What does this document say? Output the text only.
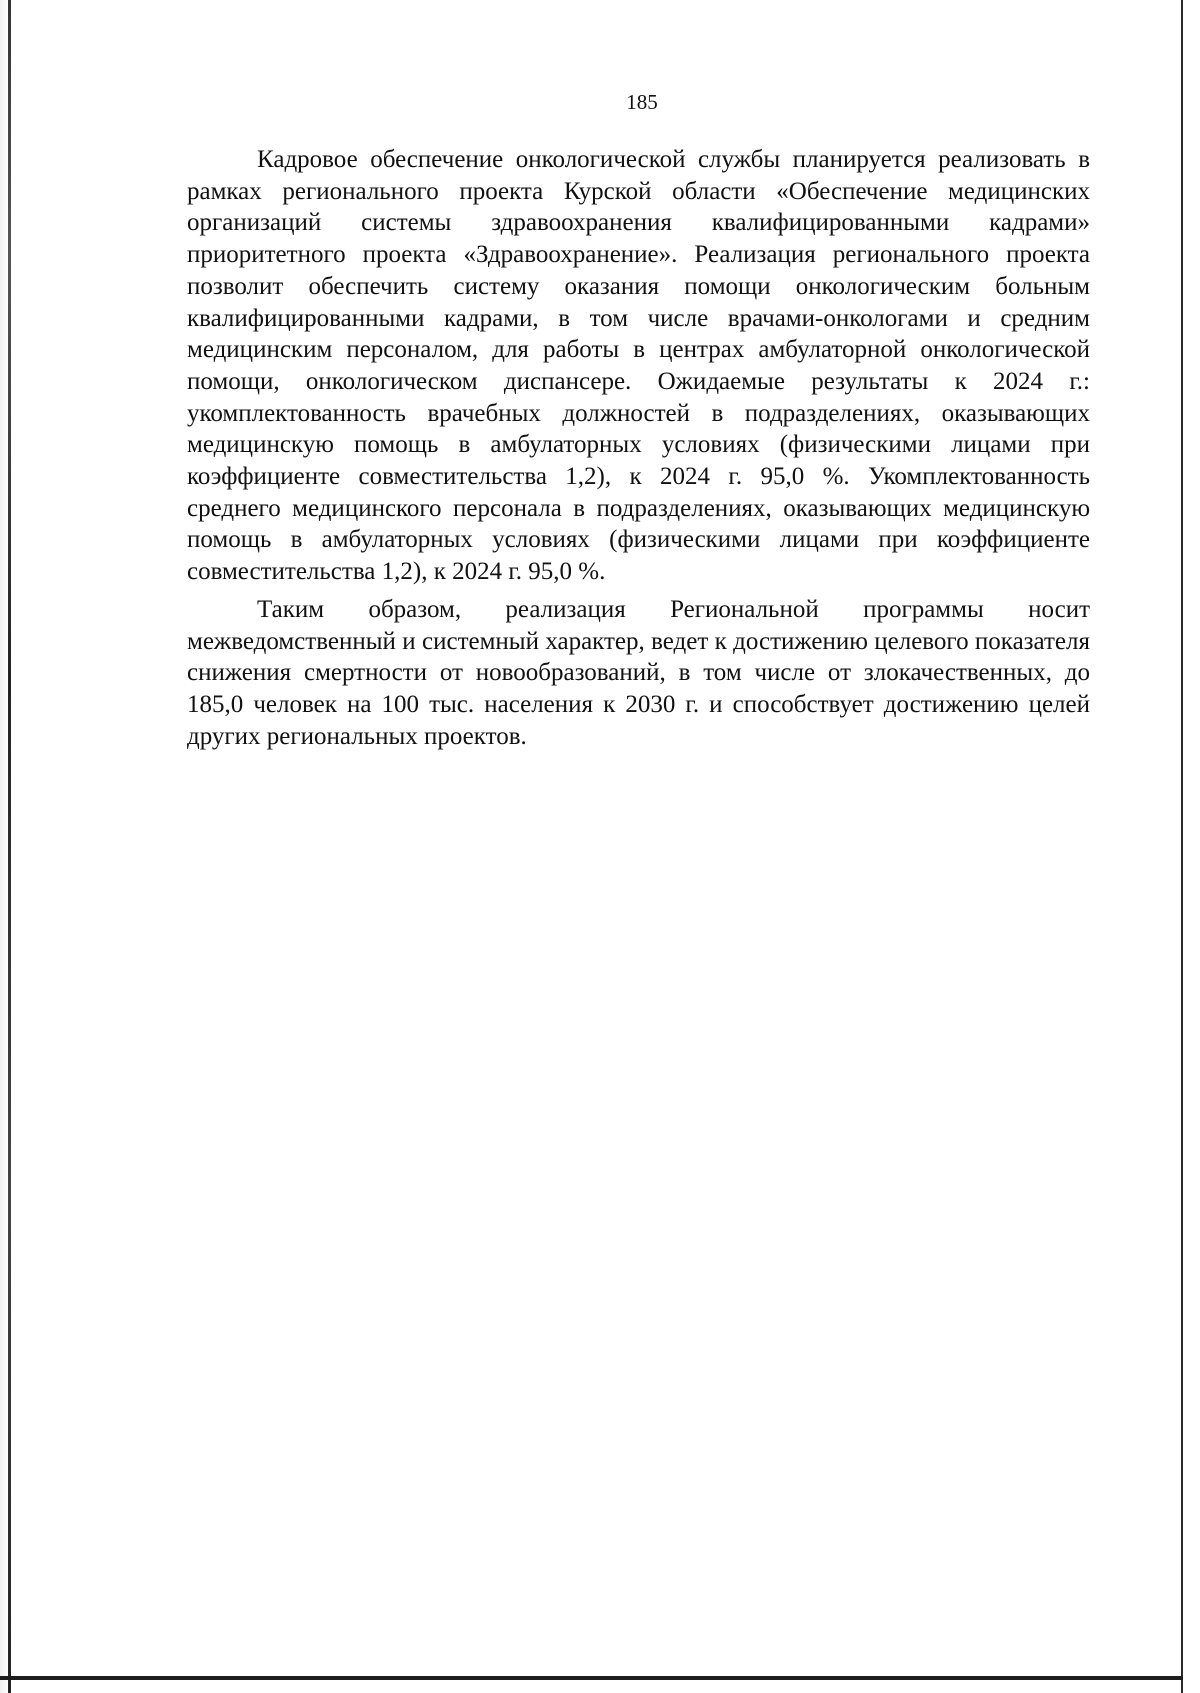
185

Кадровое обеспечение онкологической службы планируется реализовать в рамках регионального проекта Курской области «Обеспечение медицинских организаций системы здравоохранения квалифицированными кадрами» приоритетного проекта «Здравоохранение». Реализация регионального проекта позволит обеспечить систему оказания помощи онкологическим больным квалифицированными кадрами, в том числе врачами-онкологами и средним медицинским персоналом, для работы в центрах амбулаторной онкологической помощи, онкологическом диспансере. Ожидаемые результаты к 2024 г.: укомплектованность врачебных должностей в подразделениях, оказывающих медицинскую помощь в амбулаторных условиях (физическими лицами при коэффициенте совместительства 1,2), к 2024 г. 95,0 %. Укомплектованность среднего медицинского персонала в подразделениях, оказывающих медицинскую помощь в амбулаторных условиях (физическими лицами при коэффициенте совместительства 1,2), к 2024 г. 95,0 %.

Таким образом, реализация Региональной программы носит межведомственный и системный характер, ведет к достижению целевого показателя снижения смертности от новообразований, в том числе от злокачественных, до 185,0 человек на 100 тыс. населения к 2030 г. и способствует достижению целей других региональных проектов.
